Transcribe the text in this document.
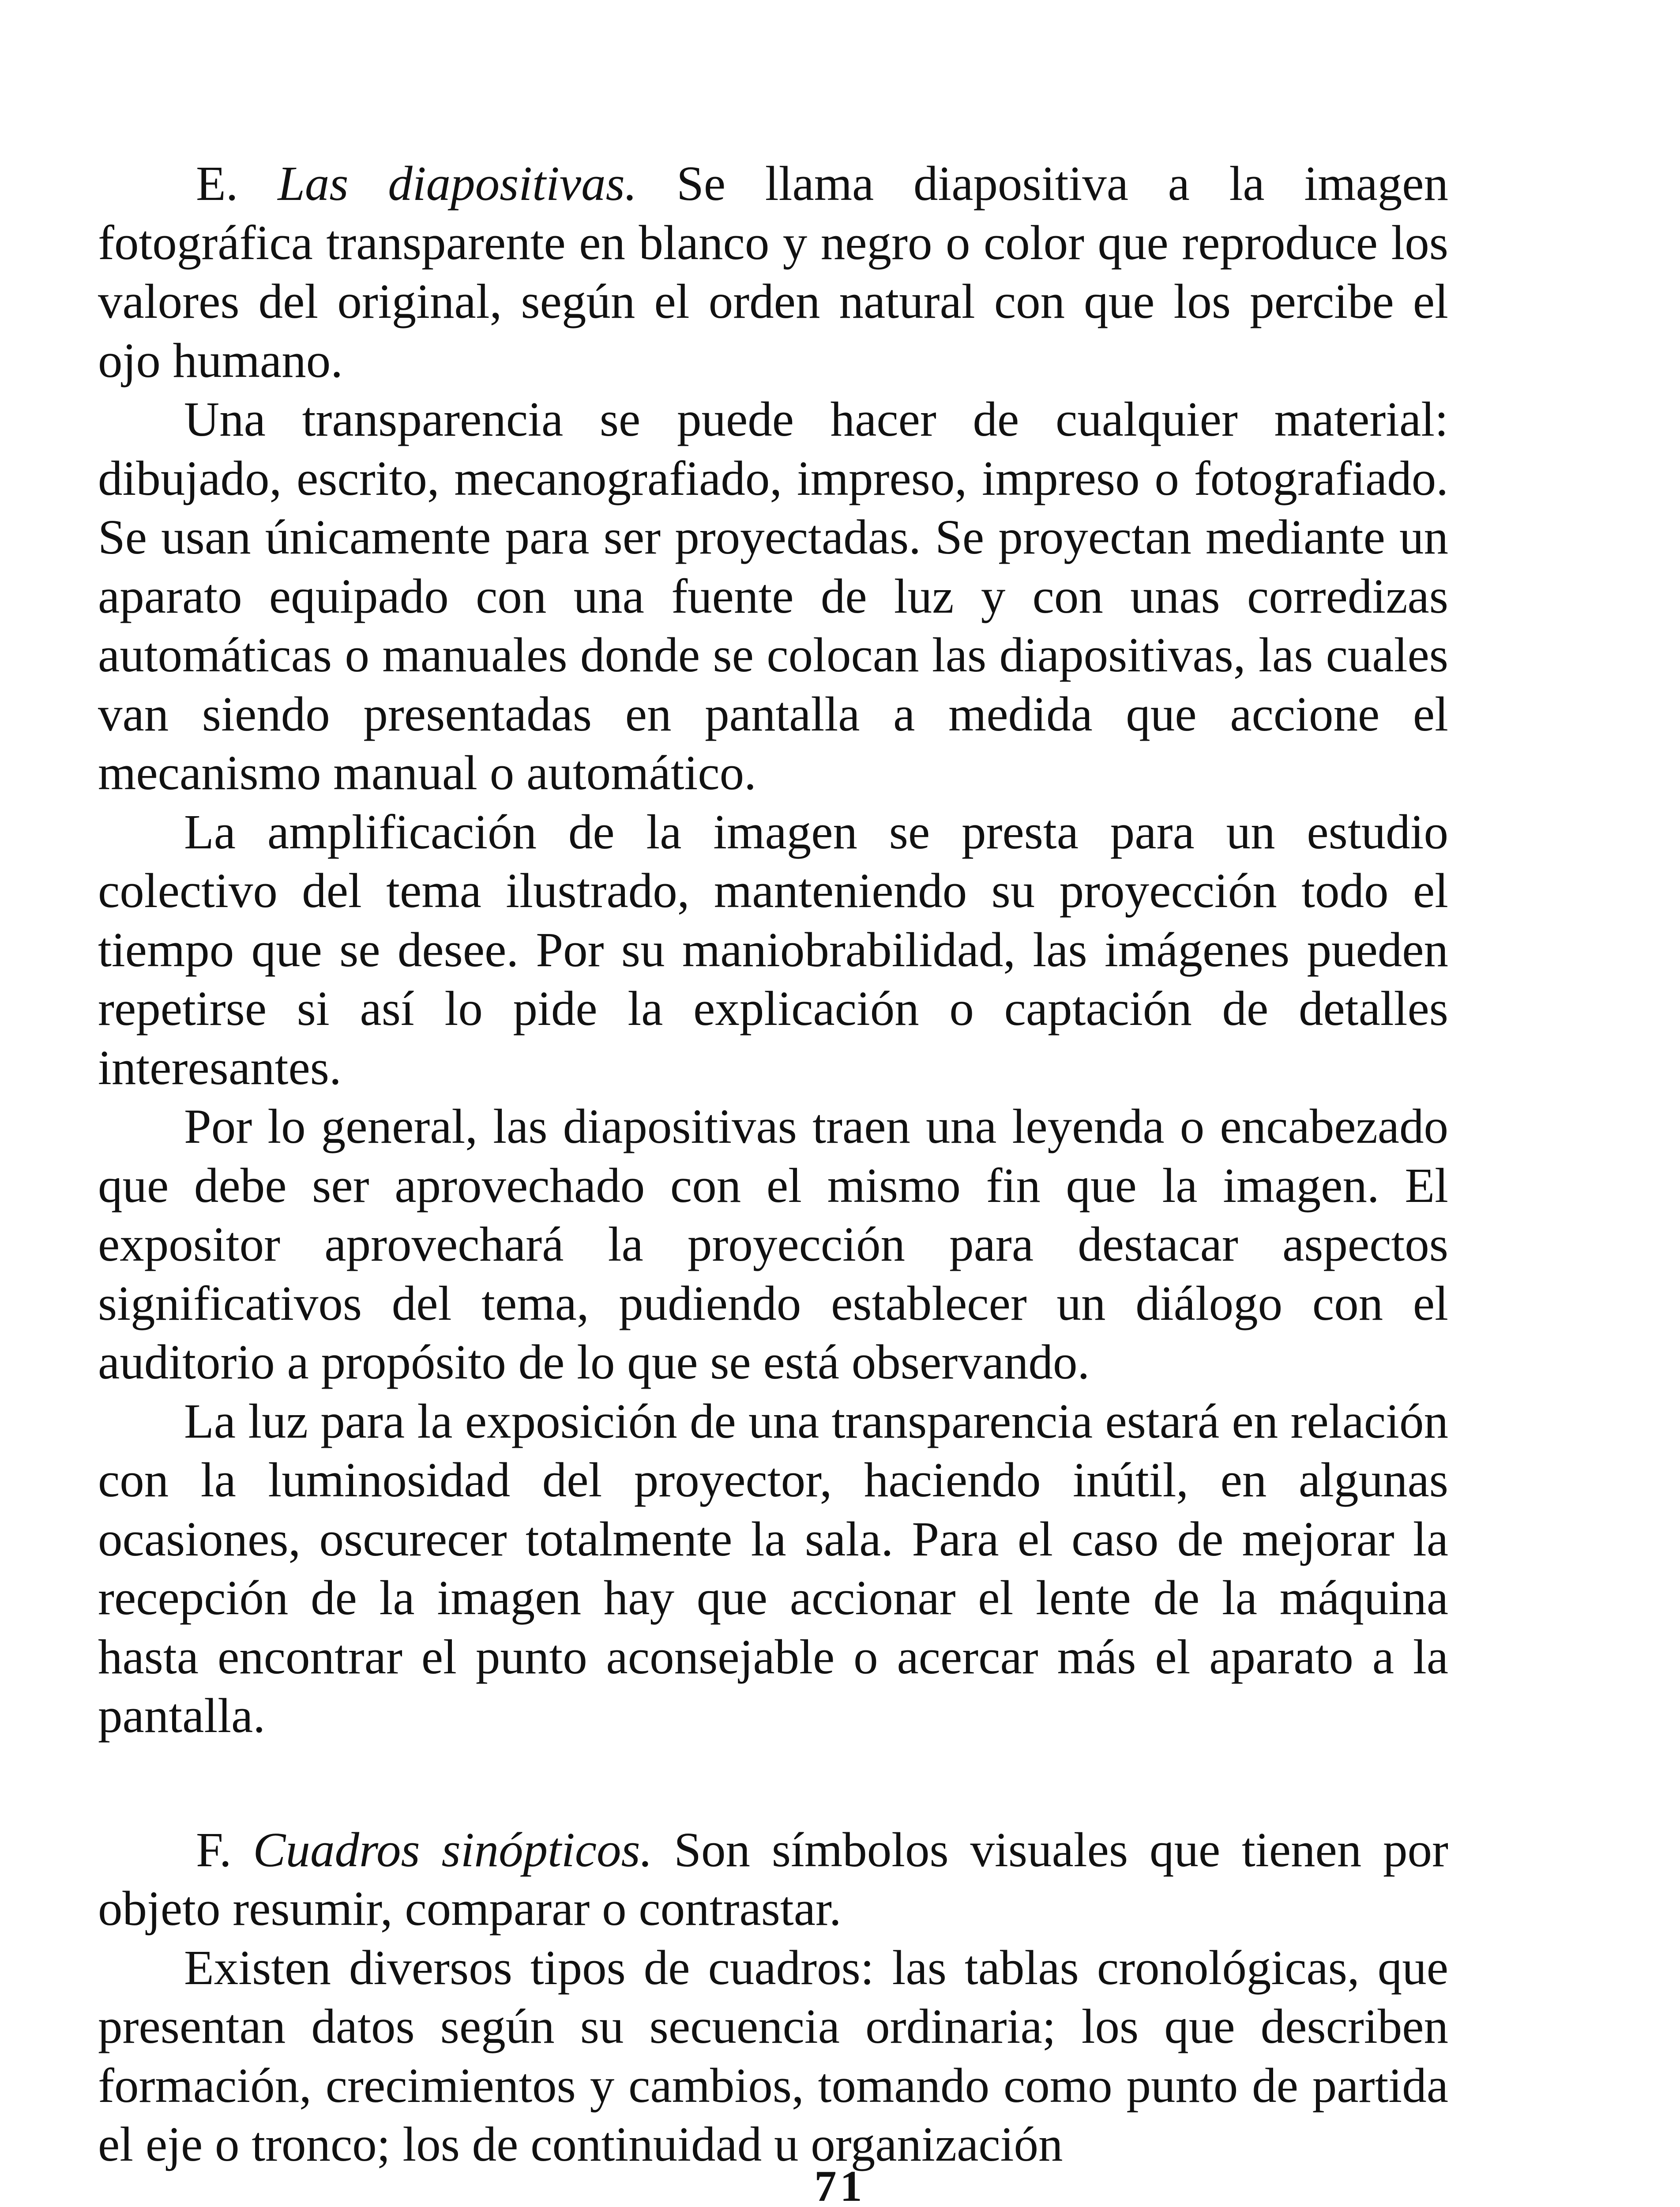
E. Las diapositivas. Se llama diapositiva a la imagen fotográfica transparente en blanco y negro o color que reproduce los valores del original, según el orden natural con que los percibe el ojo humano.

Una transparencia se puede hacer de cualquier material: dibujado, escrito, mecanografiado, impreso, impreso o fotografiado. Se usan únicamente para ser proyectadas. Se proyectan mediante un aparato equipado con una fuente de luz y con unas corredizas automáticas o manuales donde se colocan las diapositivas, las cuales van siendo presentadas en pantalla a medida que accione el mecanismo manual o automático.

La amplificación de la imagen se presta para un estudio colectivo del tema ilustrado, manteniendo su proyección todo el tiempo que se desee. Por su maniobrabilidad, las imágenes pueden repetirse si así lo pide la explicación o captación de detalles interesantes.

Por lo general, las diapositivas traen una leyenda o encabezado que debe ser aprovechado con el mismo fin que la imagen. El expositor aprovechará la proyección para destacar aspectos significativos del tema, pudiendo establecer un diálogo con el auditorio a propósito de lo que se está observando.

La luz para la exposición de una transparencia estará en relación con la luminosidad del proyector, haciendo inútil, en algunas ocasiones, oscurecer totalmente la sala. Para el caso de mejorar la recepción de la imagen hay que accionar el lente de la máquina hasta encontrar el punto aconsejable o acercar más el aparato a la pantalla.

F. Cuadros sinópticos. Son símbolos visuales que tienen por objeto resumir, comparar o contrastar.

Existen diversos tipos de cuadros: las tablas cronológicas, que presentan datos según su secuencia ordinaria; los que describen formación, crecimientos y cambios, tomando como punto de partida el eje o tronco; los de continuidad u organización

71
